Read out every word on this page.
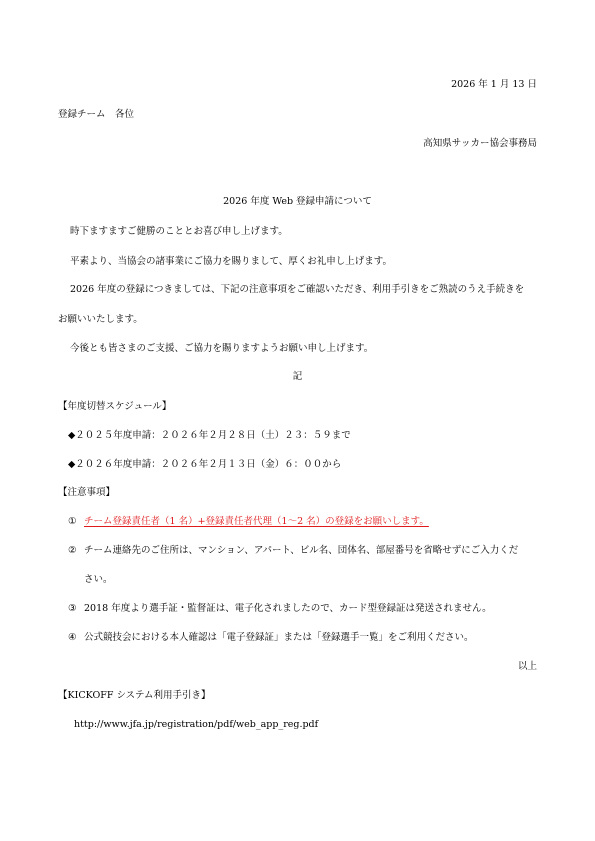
2026 年 1 月 13 日
登録チーム　各位
高知県サッカー協会事務局
2026 年度 Web 登録申請について
時下ますますご健勝のこととお喜び申し上げます。
平素より、当協会の諸事業にご協力を賜りまして、厚くお礼申し上げます。
2026 年度の登録につきましては、下記の注意事項をご確認いただき、利用手引きをご熟読のうえ手続きを
お願いいたします。
今後とも皆さまのご支援、ご協力を賜りますようお願い申し上げます。
記
【年度切替スケジュール】
◆２０２５年度申請：２０２６年２月２８日（土）２３：５９まで
◆２０２６年度申請：２０２６年２月１３日（金）６：００から
【注意事項】
① チーム登録責任者（1 名）+登録責任者代理（1～2 名）の登録をお願いします。
② チーム連絡先のご住所は、マンション、アパート、ビル名、団体名、部屋番号を省略せずにご入力くだ
さい。
③ 2018 年度より選手証・監督証は、電子化されましたので、カード型登録証は発送されません。
④ 公式競技会における本人確認は「電子登録証」または「登録選手一覧」をご利用ください。
以上
【KICKOFF システム利用手引き】
http://www.jfa.jp/registration/pdf/web_app_reg.pdf
